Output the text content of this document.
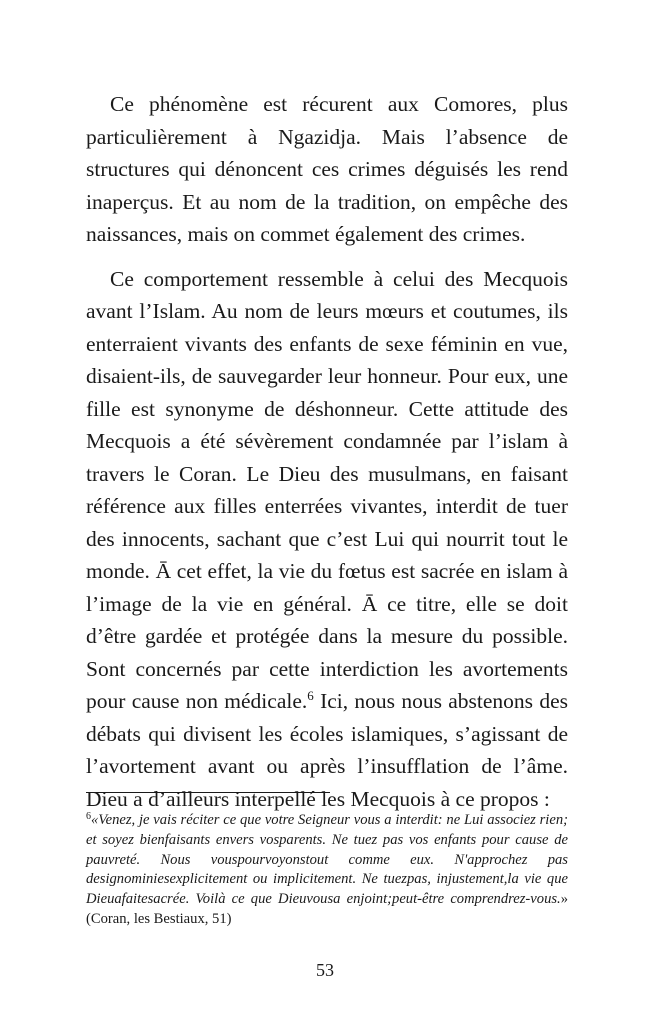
Ce phénomène est récurent aux Comores, plus particulièrement à Ngazidja. Mais l’absence de structures qui dénoncent ces crimes déguisés les rend inaperçus. Et au nom de la tradition, on empêche des naissances, mais on commet également des crimes.

Ce comportement ressemble à celui des Mecquois avant l’Islam. Au nom de leurs mœurs et coutumes, ils enterraient vivants des enfants de sexe féminin en vue, disaient-ils, de sauvegarder leur honneur. Pour eux, une fille est synonyme de déshonneur. Cette attitude des Mecquois a été sévèrement condamnée par l’islam à travers le Coran. Le Dieu des musulmans, en faisant référence aux filles enterrées vivantes, interdit de tuer des innocents, sachant que c’est Lui qui nourrit tout le monde. Ā cet effet, la vie du fœtus est sacrée en islam à l’image de la vie en général. Ā ce titre, elle se doit d’être gardée et protégée dans la mesure du possible. Sont concernés par cette interdiction les avortements pour cause non médicale.$^6$ Ici, nous nous abstenons des débats qui divisent les écoles islamiques, s’agissant de l’avortement avant ou après l’insufflation de l’âme. Dieu a d’ailleurs interpellé les Mecquois à ce propos :

$^6$«Venez, je vais réciter ce que votre Seigneur vous a interdit: ne Lui associez rien; et soyez bienfaisants envers vosparents. Ne tuez pas vos enfants pour cause de pauvreté. Nous vouspourvoyonstout comme eux. N'approchez pas designominiesexplicitement ou implicitement. Ne tuezpas, injustement,la vie que Dieuafaitesacrée. Voilà ce que Dieuvousa enjoint;peut-être comprendrez-vous.» (Coran, les Bestiaux, 51)
53
